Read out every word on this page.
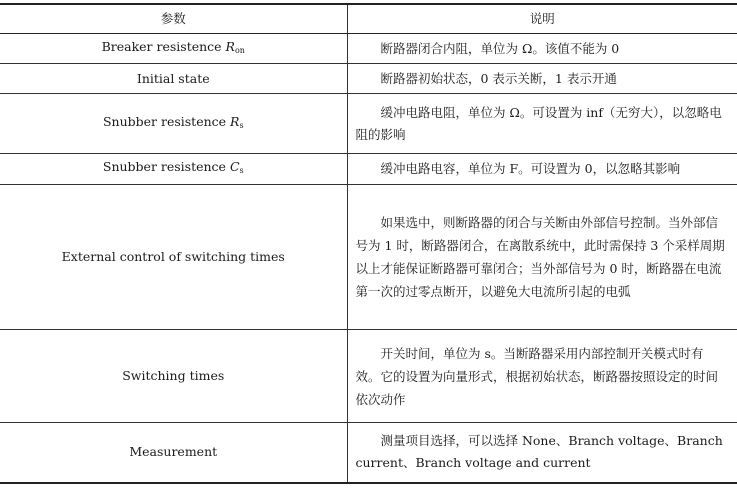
参数	说明
Breaker resistence $R_{on}$	断路器闭合内阻，单位为 Ω。该值不能为 0
Initial state	断路器初始状态，0 表示关断，1 表示开通
Snubber resistence $R_s$	缓冲电路电阻，单位为 Ω。可设置为 inf（无穷大），以忽略电阻的影响
Snubber resistence $C_s$	缓冲电路电容，单位为 F。可设置为 0，以忽略其影响
External control of switching times	如果选中，则断路器的闭合与关断由外部信号控制。当外部信号为 1 时，断路器闭合，在离散系统中，此时需保持 3 个采样周期以上才能保证断路器可靠闭合；当外部信号为 0 时，断路器在电流第一次的过零点断开，以避免大电流所引起的电弧
Switching times	开关时间，单位为 s。当断路器采用内部控制开关模式时有效。它的设置为向量形式，根据初始状态，断路器按照设定的时间依次动作
Measurement	测量项目选择，可以选择 None、Branch voltage、Branch current、Branch voltage and current
